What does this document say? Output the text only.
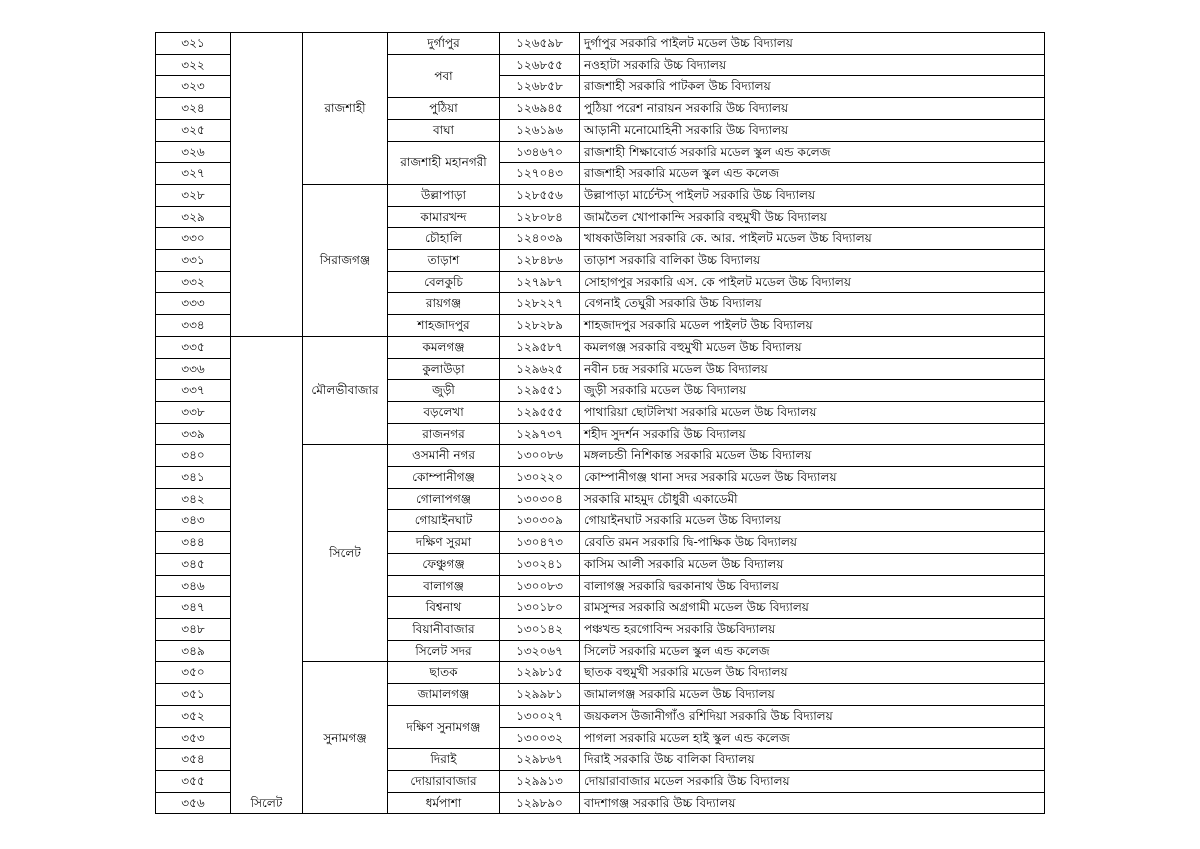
৩২১		রাজশাহী	দুর্গাপুর	১২৬৫৯৮	দুর্গাপুর সরকারি পাইলট মডেল উচ্চ বিদ্যালয়
৩২২			পবা	১২৬৮৫৫	নওহাটা সরকারি উচ্চ বিদ্যালয়
৩২৩				১২৬৮৫৮	রাজশাহী সরকারি পাটকল উচ্চ বিদ্যালয়
৩২৪			পুঠিয়া	১২৬৯৪৫	পুঠিয়া পরেশ নারায়ন সরকারি উচ্চ বিদ্যালয়
৩২৫			বাঘা	১২৬১৯৬	আড়ানী মনোমোহিনী সরকারি উচ্চ বিদ্যালয়
৩২৬			রাজশাহী মহানগরী	১৩৪৬৭০	রাজশাহী শিক্ষাবোর্ড সরকারি মডেল স্কুল এন্ড কলেজ
৩২৭				১২৭০৪৩	রাজশাহী সরকারি মডেল স্কুল এন্ড কলেজ
৩২৮		সিরাজগঞ্জ	উল্লাপাড়া	১২৮৫৫৬	উল্লাপাড়া মার্চেন্টস্ পাইলট সরকারি উচ্চ বিদ্যালয়
৩২৯			কামারখন্দ	১২৮০৮৪	জামতৈল খোপাকান্দি সরকারি বহুমুখী উচ্চ বিদ্যালয়
৩৩০			চৌহালি	১২৪০৩৯	খাষকাউলিয়া সরকারি কে. আর. পাইলট মডেল উচ্চ বিদ্যালয়
৩৩১			তাড়াশ	১২৮৪৮৬	তাড়াশ সরকারি বালিকা উচ্চ বিদ্যালয়
৩৩২			বেলকুচি	১২৭৯৮৭	সোহাগপুর সরকারি এস. কে পাইলট মডেল উচ্চ বিদ্যালয়
৩৩৩			রায়গঞ্জ	১২৮২২৭	বেগনাই তেঘুরী সরকারি উচ্চ বিদ্যালয়
৩৩৪			শাহজাদপুর	১২৮২৮৯	শাহজাদপুর সরকারি মডেল পাইলট উচ্চ বিদ্যালয়
৩৩৫	সিলেট	মৌলভীবাজার	কমলগঞ্জ	১২৯৫৮৭	কমলগঞ্জ সরকারি বহুমুখী মডেল উচ্চ বিদ্যালয়
৩৩৬			কুলাউড়া	১২৯৬২৫	নবীন চন্দ্র সরকারি মডেল উচ্চ বিদ্যালয়
৩৩৭			জুড়ী	১২৯৫৫১	জুড়ী সরকারি মডেল উচ্চ বিদ্যালয়
৩৩৮			বড়লেখা	১২৯৫৫৫	পাথারিয়া ছোটলিখা সরকারি মডেল উচ্চ বিদ্যালয়
৩৩৯			রাজনগর	১২৯৭৩৭	শহীদ সুদর্শন সরকারি উচ্চ বিদ্যালয়
৩৪০		সিলেট	ওসমানী নগর	১৩০০৮৬	মঙ্গলচন্ডী নিশিকান্ত সরকারি মডেল উচ্চ বিদ্যালয়
৩৪১			কোম্পানীগঞ্জ	১৩০২২০	কোম্পানীগঞ্জ থানা সদর সরকারি মডেল উচ্চ বিদ্যালয়
৩৪২			গোলাপগঞ্জ	১৩০৩০৪	সরকারি মাহমুদ চৌধুরী একাডেমী
৩৪৩			গোয়াইনঘাট	১৩০৩০৯	গোয়াইনঘাট সরকারি মডেল উচ্চ বিদ্যালয়
৩৪৪			দক্ষিণ সুরমা	১৩০৪৭৩	রেবতি রমন সরকারি দ্বি-পাক্ষিক উচ্চ বিদ্যালয়
৩৪৫			ফেঞ্চুগঞ্জ	১৩০২৪১	কাসিম আলী সরকারি মডেল উচ্চ বিদ্যালয়
৩৪৬			বালাগঞ্জ	১৩০০৮৩	বালাগঞ্জ সরকারি দ্বরকানাথ উচ্চ বিদ্যালয়
৩৪৭			বিশ্বনাথ	১৩০১৮০	রামসুন্দর সরকারি অগ্রগামী মডেল উচ্চ বিদ্যালয়
৩৪৮			বিয়ানীবাজার	১৩০১৪২	পঞ্চখন্ড হরগোবিন্দ সরকারি উচ্চবিদ্যালয়
৩৪৯			সিলেট সদর	১৩২০৬৭	সিলেট সরকারি মডেল স্কুল এন্ড কলেজ
৩৫০		সুনামগঞ্জ	ছাতক	১২৯৮১৫	ছাতক বহুমুখী সরকারি মডেল উচ্চ বিদ্যালয়
৩৫১			জামালগঞ্জ	১২৯৯৮১	জামালগঞ্জ সরকারি মডেল উচ্চ বিদ্যালয়
৩৫২			দক্ষিণ সুনামগঞ্জ	১৩০০২৭	জয়কলস উজানীগাঁও রশিদিয়া সরকারি উচ্চ বিদ্যালয়
৩৫৩				১৩০০৩২	পাগলা সরকারি মডেল হাই স্কুল এন্ড কলেজ
৩৫৪			দিরাই	১২৯৮৬৭	দিরাই সরকারি উচ্চ বালিকা বিদ্যালয়
৩৫৫			দোয়ারাবাজার	১২৯৯১৩	দোয়ারাবাজার মডেল সরকারি উচ্চ বিদ্যালয়
৩৫৬			ধর্মপাশা	১২৯৮৯০	বাদশাগঞ্জ সরকারি উচ্চ বিদ্যালয়
